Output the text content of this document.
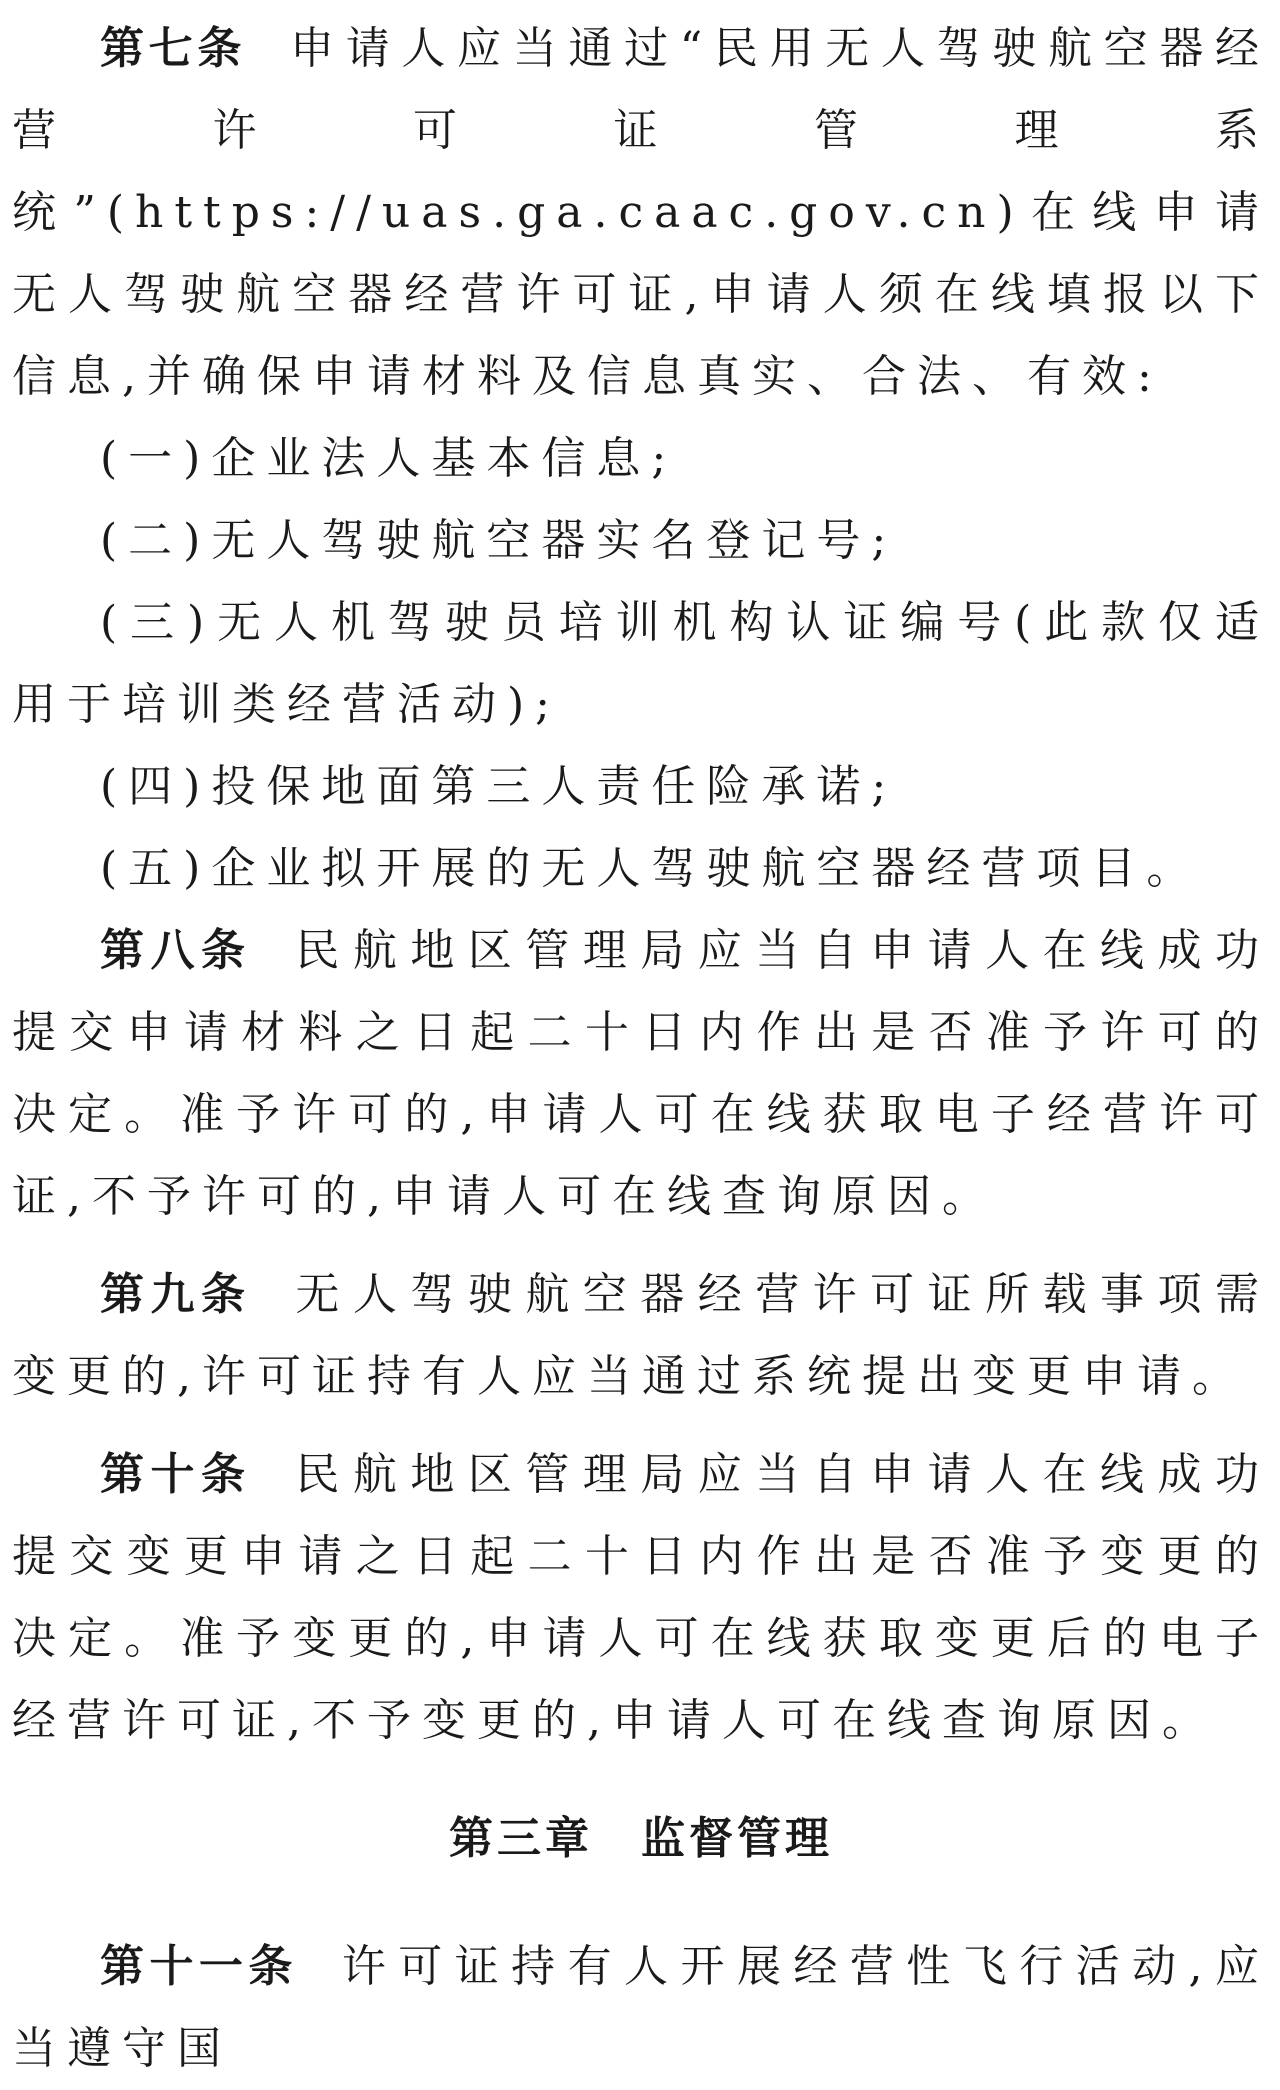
第七条 申请人应当通过“民用无人驾驶航空器经营许可证管理系统”(https://uas.ga.caac.gov.cn)在线申请无人驾驶航空器经营许可证,申请人须在线填报以下信息,并确保申请材料及信息真实、合法、有效:

(一)企业法人基本信息;

(二)无人驾驶航空器实名登记号;

(三)无人机驾驶员培训机构认证编号(此款仅适用于培训类经营活动);

(四)投保地面第三人责任险承诺;

(五)企业拟开展的无人驾驶航空器经营项目。

第八条 民航地区管理局应当自申请人在线成功提交申请材料之日起二十日内作出是否准予许可的决定。准予许可的,申请人可在线获取电子经营许可证,不予许可的,申请人可在线查询原因。

第九条 无人驾驶航空器经营许可证所载事项需变更的,许可证持有人应当通过系统提出变更申请。

第十条 民航地区管理局应当自申请人在线成功提交变更申请之日起二十日内作出是否准予变更的决定。准予变更的,申请人可在线获取变更后的电子经营许可证,不予变更的,申请人可在线查询原因。

第三章 监督管理

第十一条 许可证持有人开展经营性飞行活动,应当遵守国
